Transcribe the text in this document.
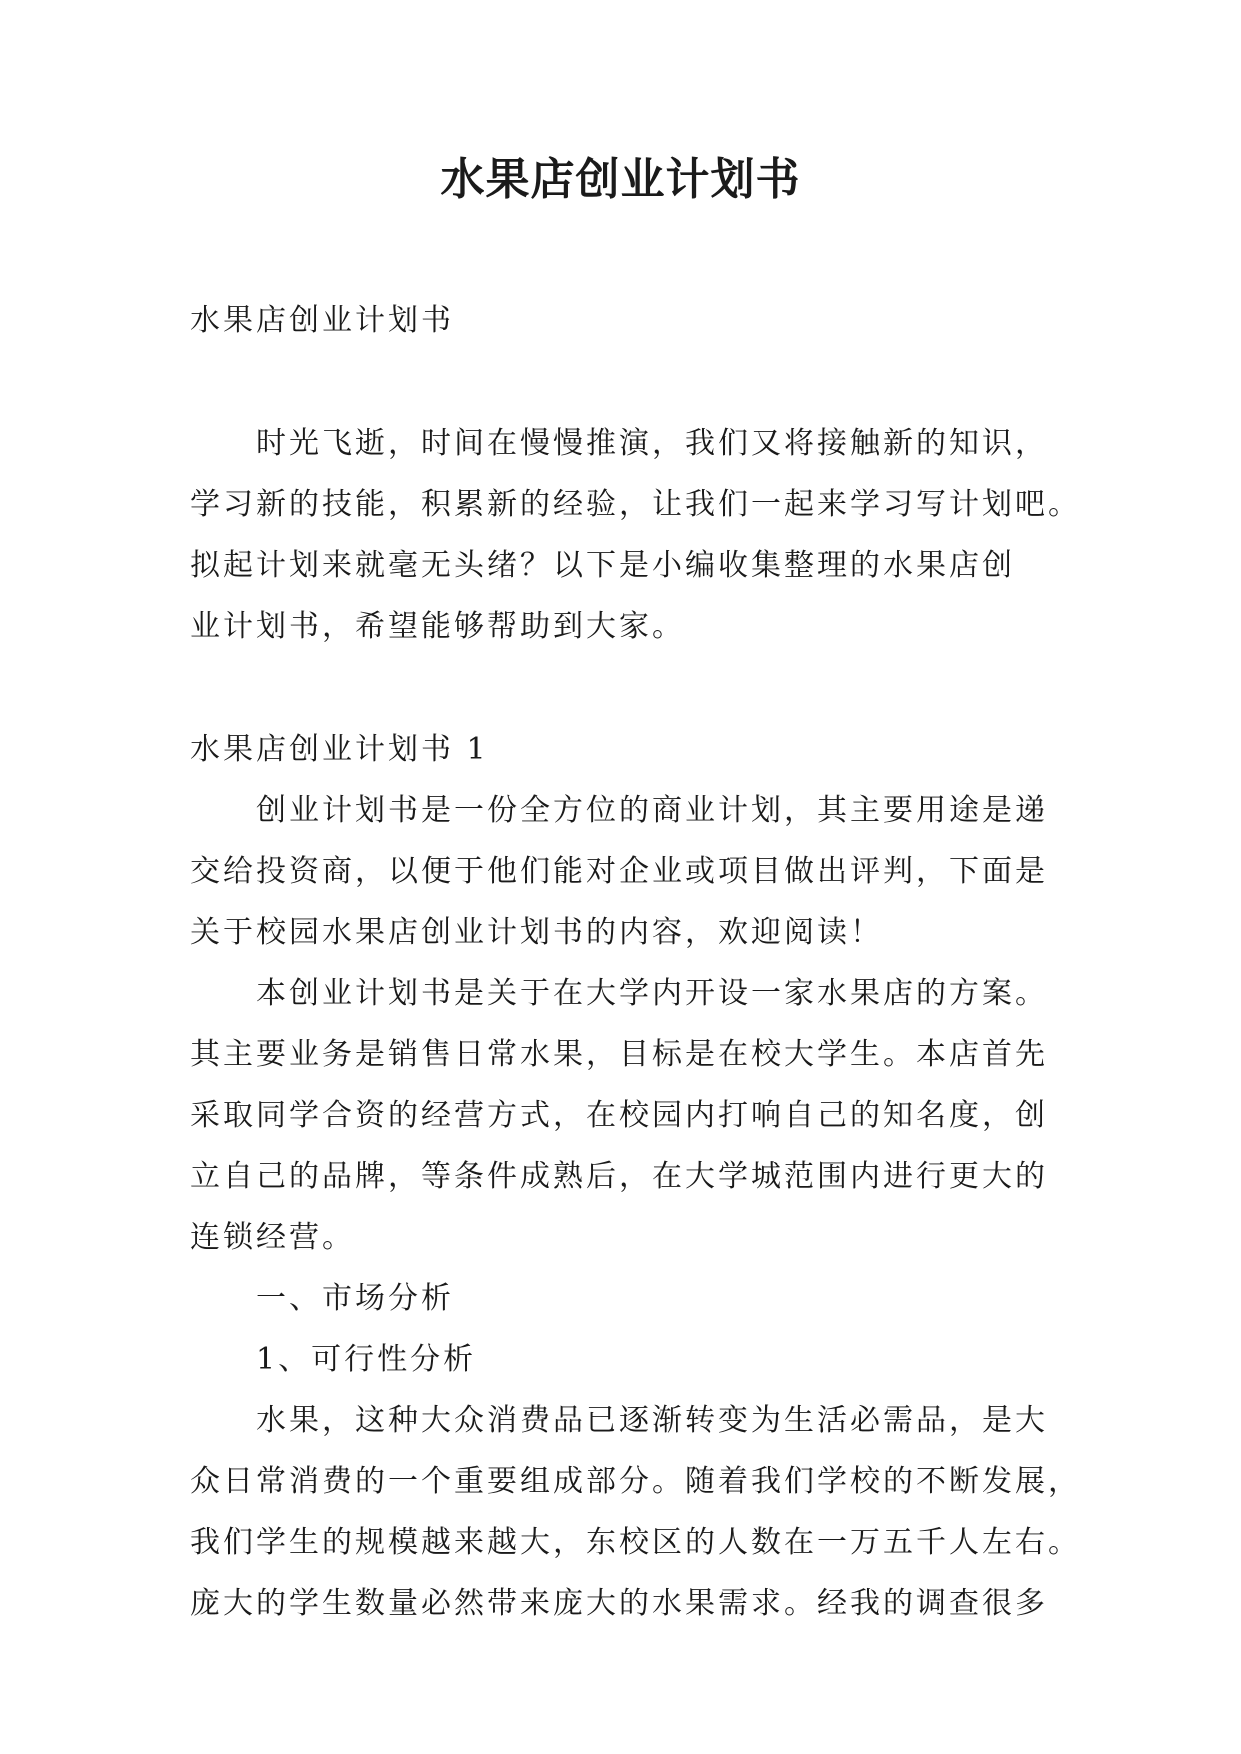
水果店创业计划书

水果店创业计划书

时光飞逝，时间在慢慢推演，我们又将接触新的知识，
学习新的技能，积累新的经验，让我们一起来学习写计划吧。
拟起计划来就毫无头绪？以下是小编收集整理的水果店创
业计划书，希望能够帮助到大家。

水果店创业计划书 1

创业计划书是一份全方位的商业计划，其主要用途是递
交给投资商，以便于他们能对企业或项目做出评判，下面是
关于校园水果店创业计划书的内容，欢迎阅读！

本创业计划书是关于在大学内开设一家水果店的方案。
其主要业务是销售日常水果，目标是在校大学生。本店首先
采取同学合资的经营方式，在校园内打响自己的知名度，创
立自己的品牌，等条件成熟后，在大学城范围内进行更大的
连锁经营。

一、市场分析

1、可行性分析

水果，这种大众消费品已逐渐转变为生活必需品，是大
众日常消费的一个重要组成部分。随着我们学校的不断发展，
我们学生的规模越来越大，东校区的人数在一万五千人左右。
庞大的学生数量必然带来庞大的水果需求。经我的调查很多
